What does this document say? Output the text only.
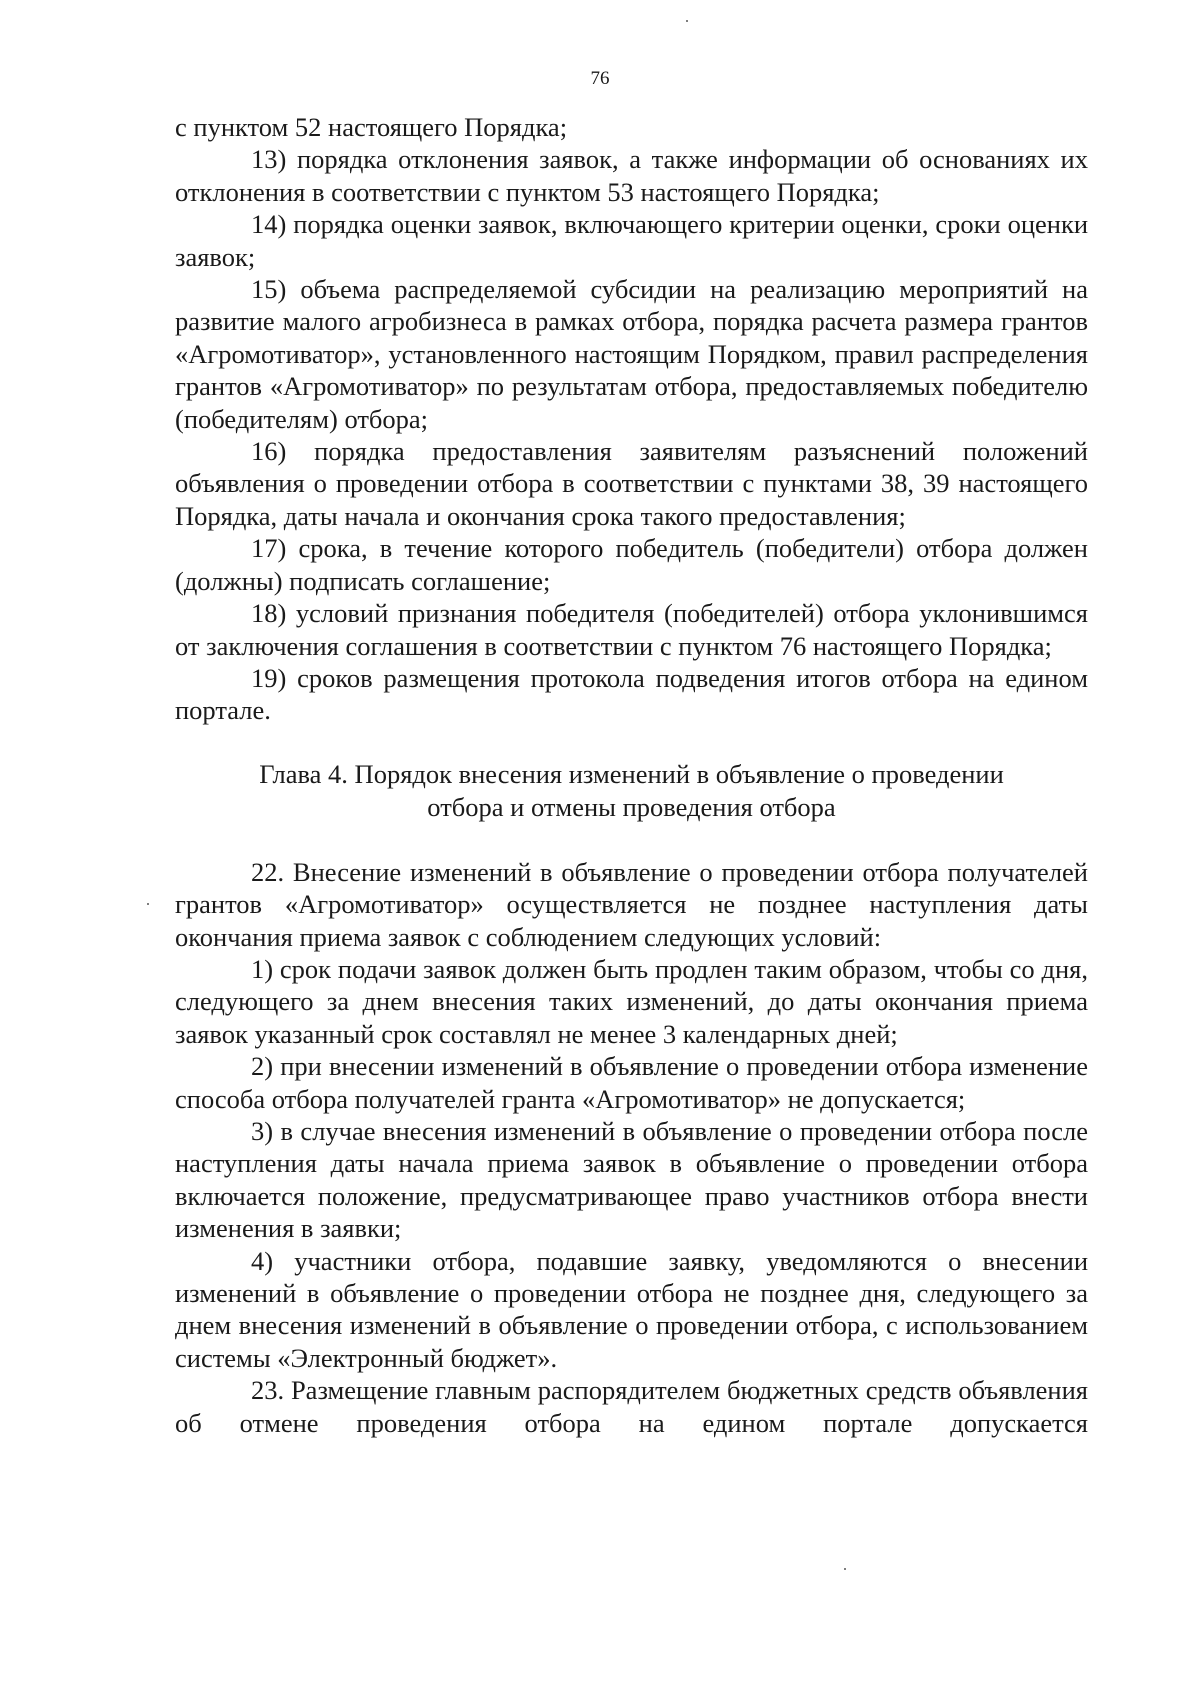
76

с пунктом 52 настоящего Порядка;

13) порядка отклонения заявок, а также информации об основаниях их отклонения в соответствии с пунктом 53 настоящего Порядка;

14) порядка оценки заявок, включающего критерии оценки, сроки оценки заявок;

15) объема распределяемой субсидии на реализацию мероприятий на развитие малого агробизнеса в рамках отбора, порядка расчета размера грантов «Агромотиватор», установленного настоящим Порядком, правил распределения грантов «Агромотиватор» по результатам отбора, предоставляемых победителю (победителям) отбора;

16) порядка предоставления заявителям разъяснений положений объявления о проведении отбора в соответствии с пунктами 38, 39 настоящего Порядка, даты начала и окончания срока такого предоставления;

17) срока, в течение которого победитель (победители) отбора должен (должны) подписать соглашение;

18) условий признания победителя (победителей) отбора уклонившимся от заключения соглашения в соответствии с пунктом 76 настоящего Порядка;

19) сроков размещения протокола подведения итогов отбора на едином портале.

Глава 4. Порядок внесения изменений в объявление о проведении
отбора и отмены проведения отбора

22. Внесение изменений в объявление о проведении отбора получателей грантов «Агромотиватор» осуществляется не позднее наступления даты окончания приема заявок с соблюдением следующих условий:

1) срок подачи заявок должен быть продлен таким образом, чтобы со дня, следующего за днем внесения таких изменений, до даты окончания приема заявок указанный срок составлял не менее 3 календарных дней;

2) при внесении изменений в объявление о проведении отбора изменение способа отбора получателей гранта «Агромотиватор» не допускается;

3) в случае внесения изменений в объявление о проведении отбора после наступления даты начала приема заявок в объявление о проведении отбора включается положение, предусматривающее право участников отбора внести изменения в заявки;

4) участники отбора, подавшие заявку, уведомляются о внесении изменений в объявление о проведении отбора не позднее дня, следующего за днем внесения изменений в объявление о проведении отбора, с использованием системы «Электронный бюджет».

23. Размещение главным распорядителем бюджетных средств объявления об отмене проведения отбора на едином портале допускается
